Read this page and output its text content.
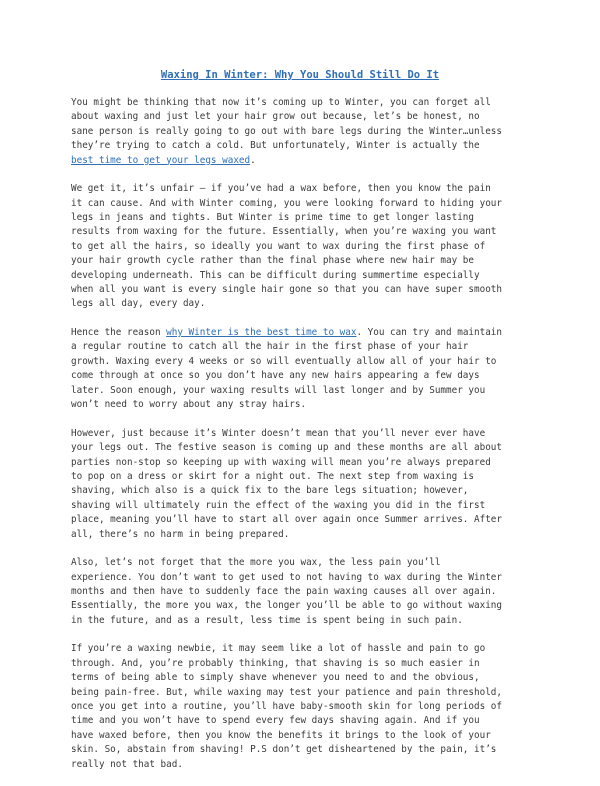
Waxing In Winter: Why You Should Still Do It

You might be thinking that now it’s coming up to Winter, you can forget all
about waxing and just let your hair grow out because, let’s be honest, no
sane person is really going to go out with bare legs during the Winter…unless
they’re trying to catch a cold. But unfortunately, Winter is actually the
best time to get your legs waxed.

We get it, it’s unfair – if you’ve had a wax before, then you know the pain
it can cause. And with Winter coming, you were looking forward to hiding your
legs in jeans and tights. But Winter is prime time to get longer lasting
results from waxing for the future. Essentially, when you’re waxing you want
to get all the hairs, so ideally you want to wax during the first phase of
your hair growth cycle rather than the final phase where new hair may be
developing underneath. This can be difficult during summertime especially
when all you want is every single hair gone so that you can have super smooth
legs all day, every day.

Hence the reason why Winter is the best time to wax. You can try and maintain
a regular routine to catch all the hair in the first phase of your hair
growth. Waxing every 4 weeks or so will eventually allow all of your hair to
come through at once so you don’t have any new hairs appearing a few days
later. Soon enough, your waxing results will last longer and by Summer you
won’t need to worry about any stray hairs.

However, just because it’s Winter doesn’t mean that you’ll never ever have
your legs out. The festive season is coming up and these months are all about
parties non-stop so keeping up with waxing will mean you’re always prepared
to pop on a dress or skirt for a night out. The next step from waxing is
shaving, which also is a quick fix to the bare legs situation; however,
shaving will ultimately ruin the effect of the waxing you did in the first
place, meaning you’ll have to start all over again once Summer arrives. After
all, there’s no harm in being prepared.

Also, let’s not forget that the more you wax, the less pain you’ll
experience. You don’t want to get used to not having to wax during the Winter
months and then have to suddenly face the pain waxing causes all over again.
Essentially, the more you wax, the longer you’ll be able to go without waxing
in the future, and as a result, less time is spent being in such pain.

If you’re a waxing newbie, it may seem like a lot of hassle and pain to go
through. And, you’re probably thinking, that shaving is so much easier in
terms of being able to simply shave whenever you need to and the obvious,
being pain-free. But, while waxing may test your patience and pain threshold,
once you get into a routine, you’ll have baby-smooth skin for long periods of
time and you won’t have to spend every few days shaving again. And if you
have waxed before, then you know the benefits it brings to the look of your
skin. So, abstain from shaving! P.S don’t get disheartened by the pain, it’s
really not that bad.
